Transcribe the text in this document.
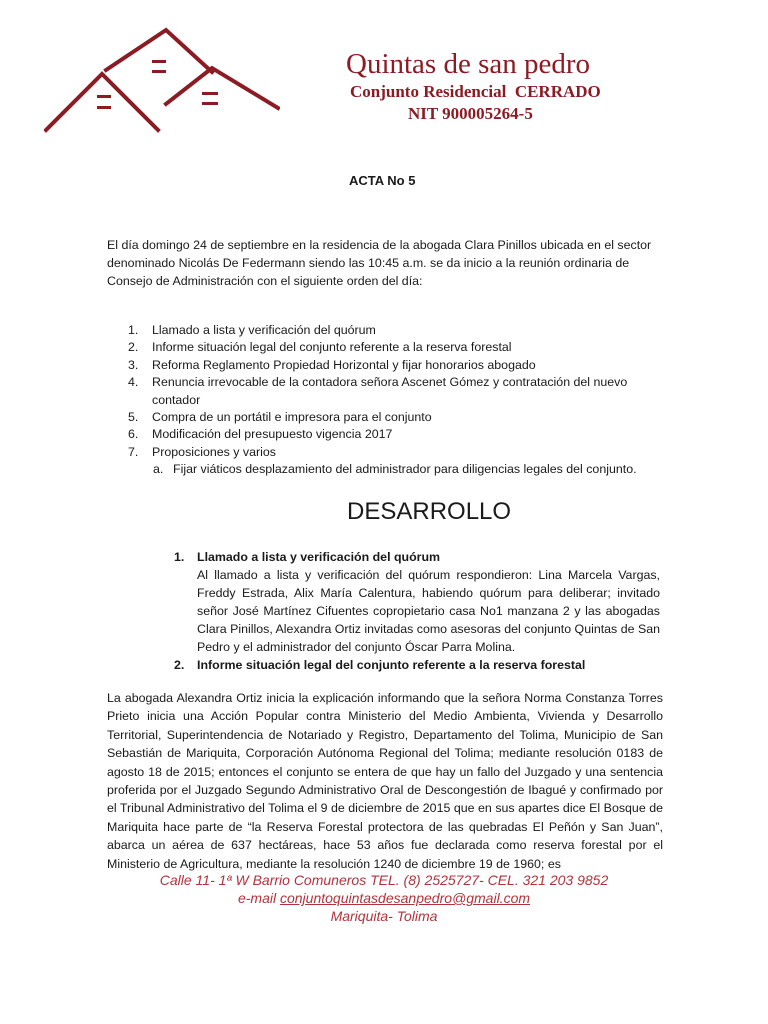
Quintas de san pedro
Conjunto Residencial  CERRADO
NIT 900005264-5
ACTA No 5
El día domingo 24 de septiembre en la residencia de la abogada Clara Pinillos ubicada en el sector denominado Nicolás De Federmann siendo las 10:45 a.m. se da inicio a la reunión ordinaria de Consejo de Administración con el siguiente orden del día:
1. Llamado a lista y verificación del quórum
2. Informe situación legal del conjunto referente a la reserva forestal
3. Reforma Reglamento Propiedad Horizontal y fijar honorarios abogado
4. Renuncia irrevocable de la contadora señora Ascenet Gómez y contratación del nuevo contador
5. Compra de un portátil e impresora para el conjunto
6. Modificación del presupuesto vigencia 2017
7. Proposiciones y varios
a. Fijar viáticos desplazamiento del administrador para diligencias legales del conjunto.
DESARROLLO
1. Llamado a lista y verificación del quórum
Al llamado a lista y verificación del quórum respondieron: Lina Marcela Vargas, Freddy Estrada, Alix María Calentura, habiendo quórum para deliberar; invitado señor José Martínez Cifuentes copropietario casa No1 manzana 2 y las abogadas Clara Pinillos, Alexandra Ortiz invitadas como asesoras del conjunto Quintas de San Pedro y el administrador del conjunto Óscar Parra Molina.
2. Informe situación legal del conjunto referente a la reserva forestal
La abogada Alexandra Ortiz inicia la explicación informando que la señora Norma Constanza Torres Prieto inicia una Acción Popular contra Ministerio del Medio Ambienta, Vivienda y Desarrollo Territorial, Superintendencia de Notariado y Registro, Departamento del Tolima, Municipio de San Sebastián de Mariquita, Corporación Autónoma Regional del Tolima; mediante resolución 0183 de agosto 18 de 2015; entonces el conjunto se entera de que hay un fallo del Juzgado y una sentencia proferida por el Juzgado Segundo Administrativo Oral de Descongestión de Ibagué y confirmado por el Tribunal Administrativo del Tolima el 9 de diciembre de 2015 que en sus apartes dice El Bosque de Mariquita hace parte de “la Reserva Forestal protectora de las quebradas El Peñón y San Juan”, abarca un aérea de 637 hectáreas, hace 53 años fue declarada como reserva forestal por el Ministerio de Agricultura, mediante la resolución 1240 de diciembre 19 de 1960; es
Calle 11- 1ª W Barrio Comuneros TEL. (8) 2525727- CEL. 321 203 9852
e-mail conjuntoquintasdesanpedro@gmail.com
Mariquita- Tolima
